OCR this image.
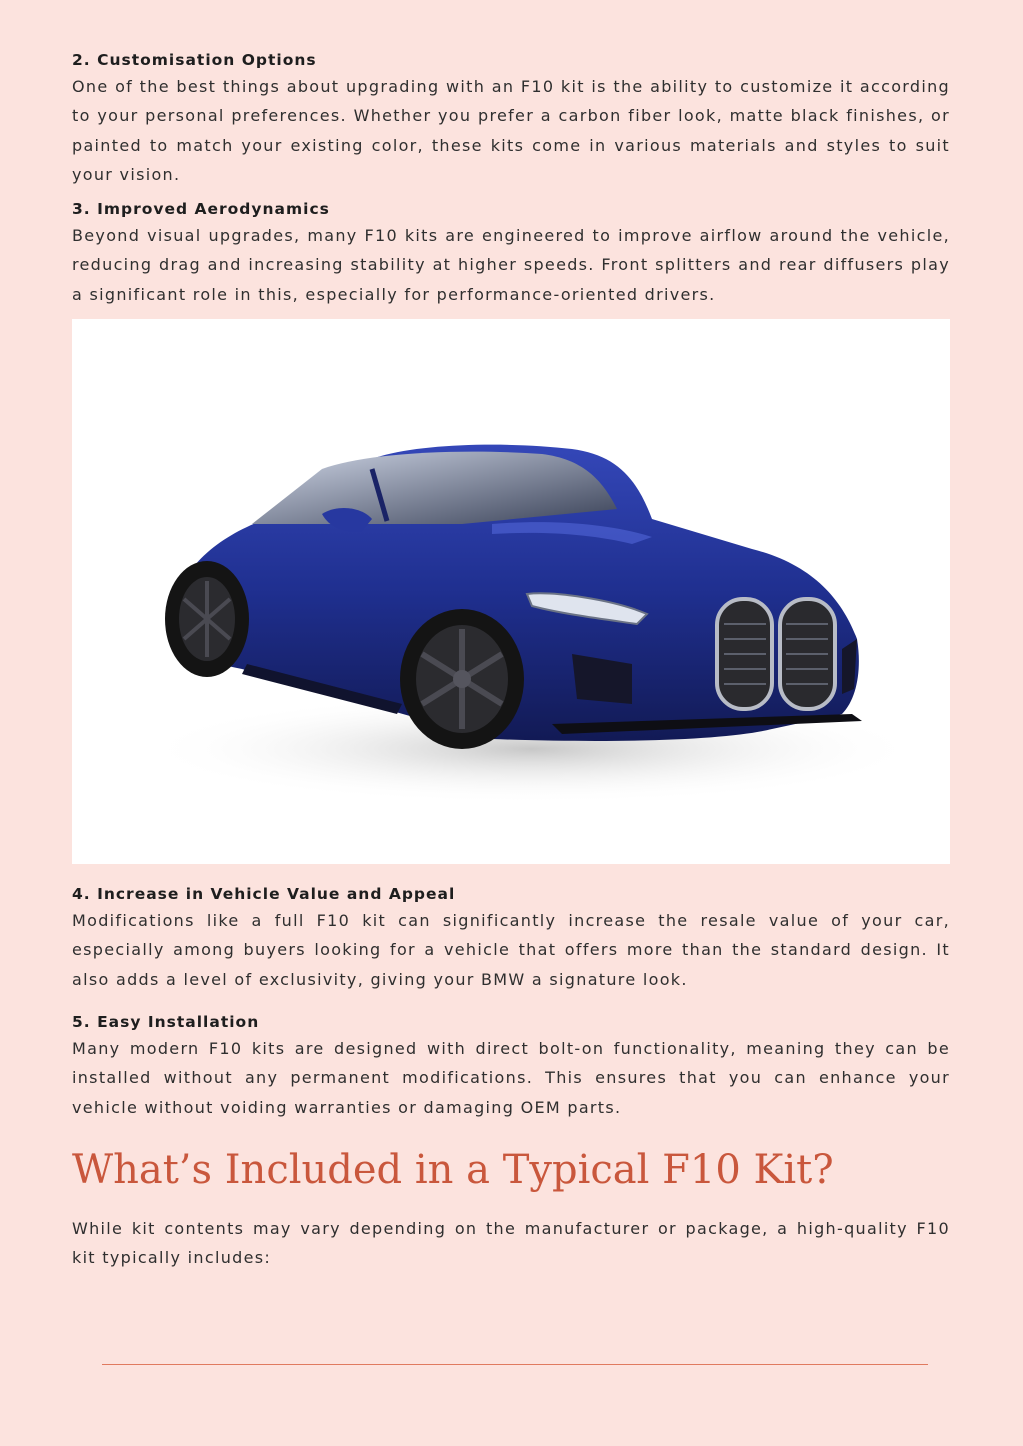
2. Customisation Options

One of the best things about upgrading with an F10 kit is the ability to customize it according to your personal preferences. Whether you prefer a carbon fiber look, matte black finishes, or painted to match your existing color, these kits come in various materials and styles to suit your vision.

3. Improved Aerodynamics

Beyond visual upgrades, many F10 kits are engineered to improve airflow around the vehicle, reducing drag and increasing stability at higher speeds. Front splitters and rear diffusers play a significant role in this, especially for performance-oriented drivers.

4. Increase in Vehicle Value and Appeal

Modifications like a full F10 kit can significantly increase the resale value of your car, especially among buyers looking for a vehicle that offers more than the standard design. It also adds a level of exclusivity, giving your BMW a signature look.

5. Easy Installation

Many modern F10 kits are designed with direct bolt-on functionality, meaning they can be installed without any permanent modifications. This ensures that you can enhance your vehicle without voiding warranties or damaging OEM parts.

What’s Included in a Typical F10 Kit?

While kit contents may vary depending on the manufacturer or package, a high-quality F10 kit typically includes:
